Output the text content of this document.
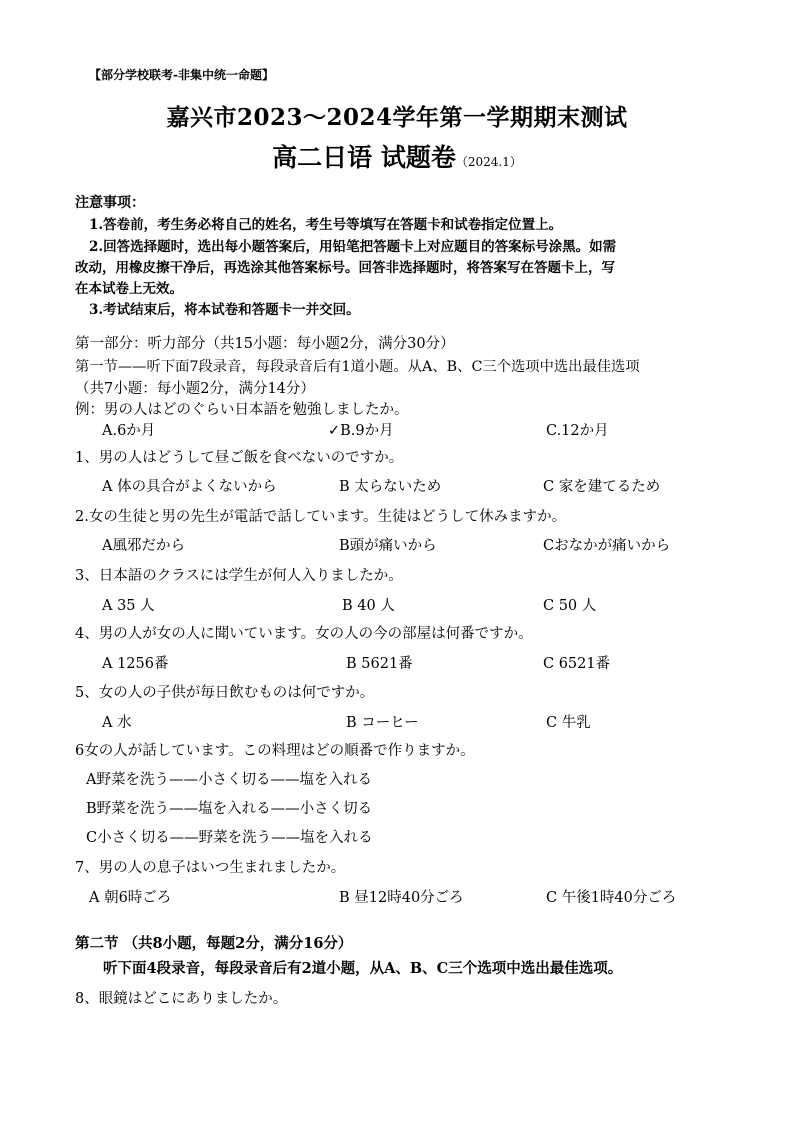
【部分学校联考-非集中统一命题】
嘉兴市2023～2024学年第一学期期末测试
高二日语 试题卷（2024.1）
注意事项：
1.答卷前，考生务必将自己的姓名，考生号等填写在答题卡和试卷指定位置上。
2.回答选择题时，选出每小题答案后，用铅笔把答题卡上对应题目的答案标号涂黑。如需
改动，用橡皮擦干净后，再选涂其他答案标号。回答非选择题时，将答案写在答题卡上，写
在本试卷上无效。
3.考试结束后，将本试卷和答题卡一并交回。
第一部分：听力部分（共15小题：每小题2分，满分30分）
第一节——听下面7段录音，每段录音后有1道小题。从A、B、C三个选项中选出最佳选项
（共7小题：每小题2分，满分14分）
例：男の人はどのぐらい日本語を勉強しましたか。
A.6か月	✓B.9か月	C.12か月
1、男の人はどうして昼ご飯を食べないのですか。
A 体の具合がよくないから	B 太らないため	C 家を建てるため
2.女の生徒と男の先生が電話で話しています。生徒はどうして休みますか。
A風邪だから	B頭が痛いから	Cおなかが痛いから
3、日本語のクラスには学生が何人入りましたか。
A 35 人	B 40 人	C 50 人
4、男の人が女の人に聞いています。女の人の今の部屋は何番ですか。
A 1256番	B 5621番	C 6521番
5、女の人の子供が毎日飲むものは何ですか。
A 水	B コーヒー	C 牛乳
6女の人が話しています。この料理はどの順番で作りますか。
A野菜を洗う——小さく切る——塩を入れる
B野菜を洗う——塩を入れる——小さく切る
C小さく切る——野菜を洗う——塩を入れる
7、男の人の息子はいつ生まれましたか。
A 朝6時ごろ	B 昼12時40分ごろ	C 午後1時40分ごろ
第二节 （共8小题，每题2分，满分16分）
听下面4段录音，每段录音后有2道小题，从A、B、C三个选项中选出最佳选项。
8、眼鏡はどこにありましたか。
